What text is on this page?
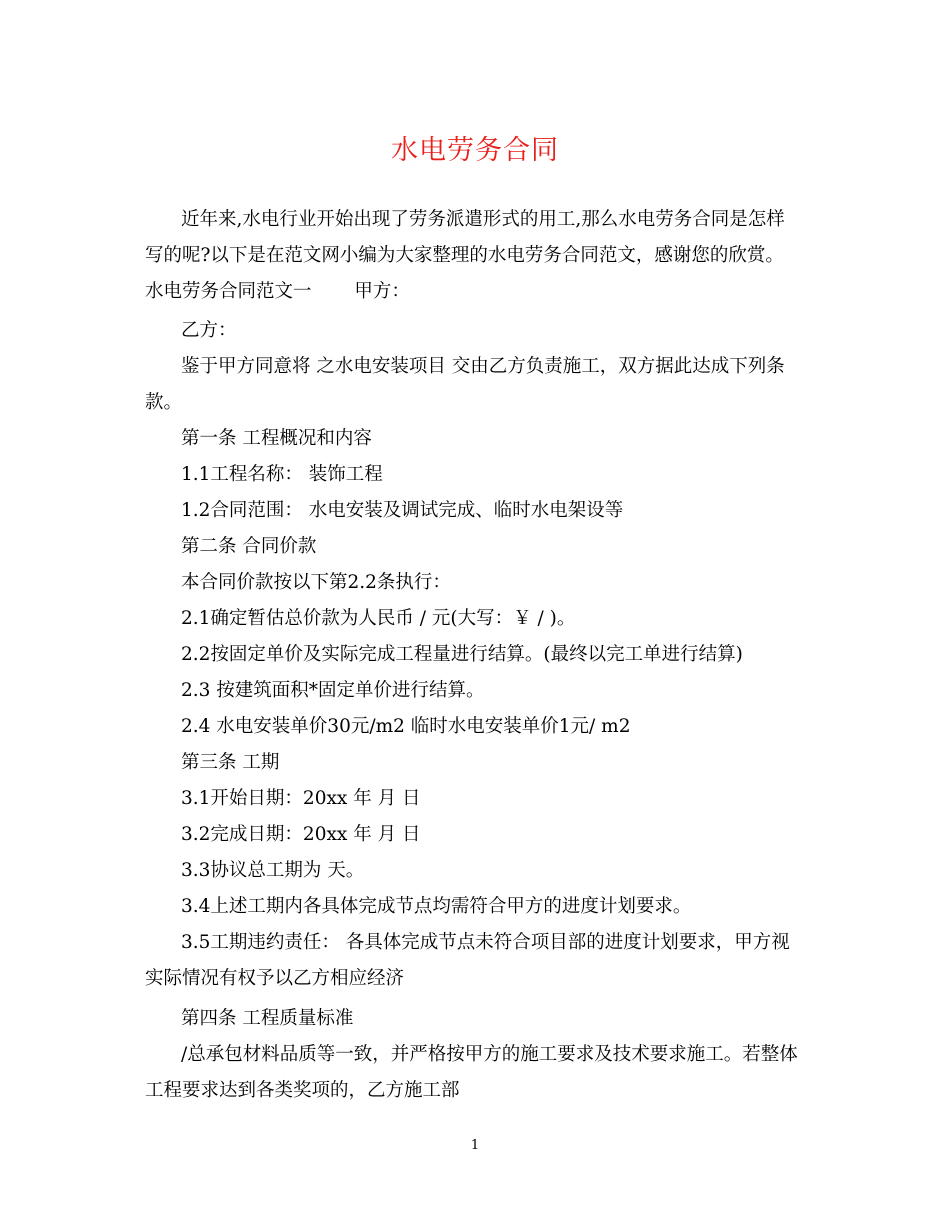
水电劳务合同
近年来,水电行业开始出现了劳务派遣形式的用工,那么水电劳务合同是怎样
写的呢?以下是在范文网小编为大家整理的水电劳务合同范文，感谢您的欣赏。
水电劳务合同范文一　　 甲方：
乙方：
鉴于甲方同意将 之水电安装项目 交由乙方负责施工，双方据此达成下列条
款。
第一条 工程概况和内容
1.1工程名称： 装饰工程
1.2合同范围： 水电安装及调试完成、临时水电架设等
第二条 合同价款
本合同价款按以下第2.2条执行：
2.1确定暂估总价款为人民币 / 元(大写：￥ / )。
2.2按固定单价及实际完成工程量进行结算。(最终以完工单进行结算)
2.3 按建筑面积*固定单价进行结算。
2.4 水电安装单价30元/m2 临时水电安装单价1元/ m2
第三条 工期
3.1开始日期：20xx 年 月 日
3.2完成日期：20xx 年 月 日
3.3协议总工期为 天。
3.4上述工期内各具体完成节点均需符合甲方的进度计划要求。
3.5工期违约责任： 各具体完成节点未符合项目部的进度计划要求，甲方视
实际情况有权予以乙方相应经济
第四条 工程质量标准
/总承包材料品质等一致，并严格按甲方的施工要求及技术要求施工。若整体
工程要求达到各类奖项的，乙方施工部
1
